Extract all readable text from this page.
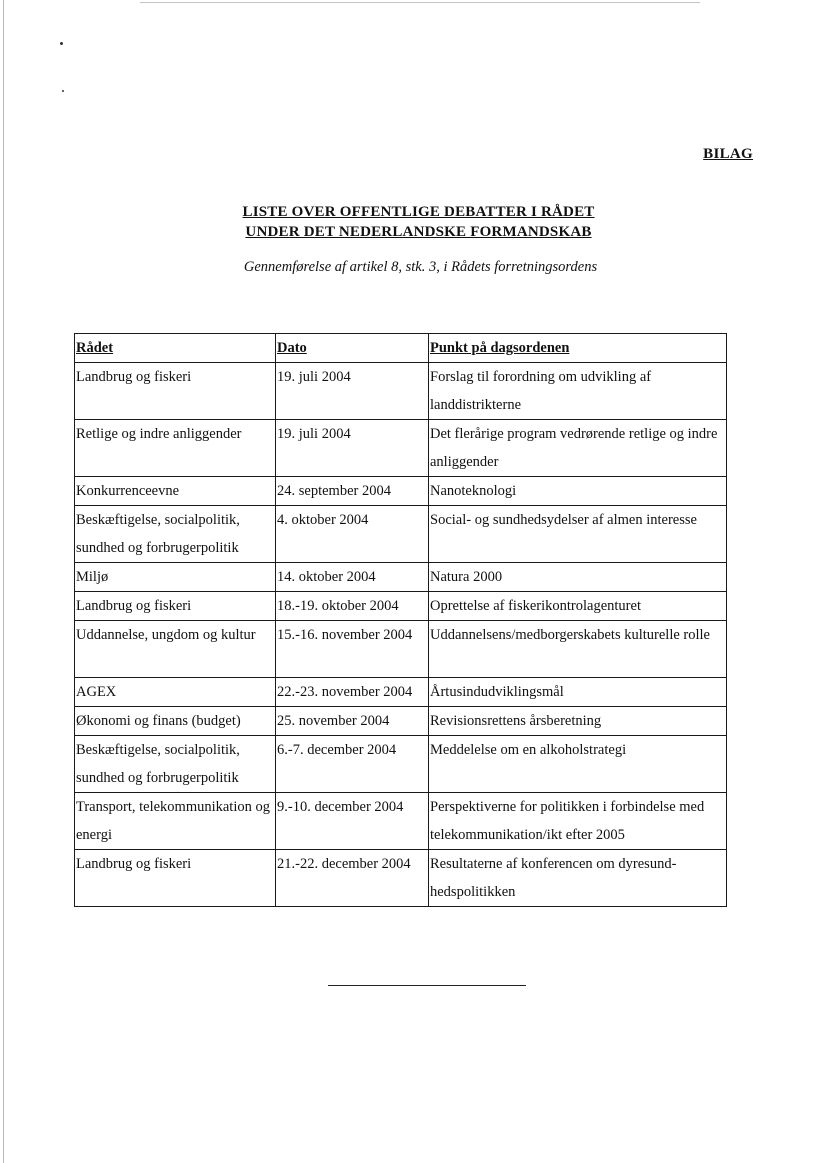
BILAG
LISTE OVER OFFENTLIGE DEBATTER I RÅDET
UNDER DET NEDERLANDSKE FORMANDSKAB
Gennemførelse af artikel 8, stk. 3, i Rådets forretningsordens
Rådet	Dato	Punkt på dagsordenen
Landbrug og fiskeri	19. juli 2004	Forslag til forordning om udvikling af landdistrikterne
Retlige og indre anliggender	19. juli 2004	Det flerårige program vedrørende retlige og indre anliggender
Konkurrenceevne	24. september 2004	Nanoteknologi
Beskæftigelse, socialpolitik, sundhed og forbrugerpolitik	4. oktober 2004	Social- og sundhedsydelser af almen interesse
Miljø	14. oktober 2004	Natura 2000
Landbrug og fiskeri	18.-19. oktober 2004	Oprettelse af fiskerikontrolagenturet
Uddannelse, ungdom og kultur	15.-16. november 2004	Uddannelsens/medborgerskabets kulturelle rolle
AGEX	22.-23. november 2004	Årtusindudviklingsmål
Økonomi og finans (budget)	25. november 2004	Revisionsrettens årsberetning
Beskæftigelse, socialpolitik, sundhed og forbrugerpolitik	6.-7. december 2004	Meddelelse om en alkoholstrategi
Transport, telekommunikation og energi	9.-10. december 2004	Perspektiverne for politikken i forbindelse med telekommunikation/ikt efter 2005
Landbrug og fiskeri	21.-22. december 2004	Resultaterne af konferencen om dyresund-hedspolitikken
